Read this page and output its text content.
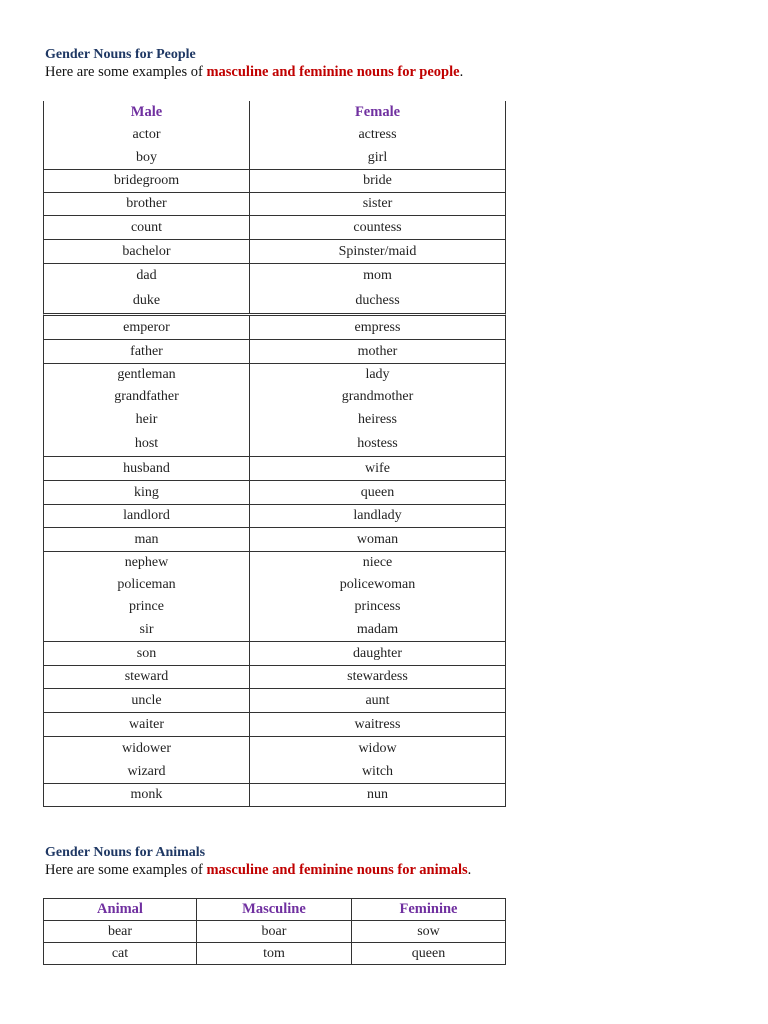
Gender Nouns for People
Here are some examples of masculine and feminine nouns for people.
Male	Female
actor	actress
boy	girl
bridegroom	bride
brother	sister
count	countess
bachelor	Spinster/maid
dad	mom
duke	duchess
emperor	empress
father	mother
gentleman	lady
grandfather	grandmother
heir	heiress
host	hostess
husband	wife
king	queen
landlord	landlady
man	woman
nephew	niece
policeman	policewoman
prince	princess
sir	madam
son	daughter
steward	stewardess
uncle	aunt
waiter	waitress
widower	widow
wizard	witch
monk	nun
Gender Nouns for Animals
Here are some examples of masculine and feminine nouns for animals.
Animal	Masculine	Feminine
bear	boar	sow
cat	tom	queen
